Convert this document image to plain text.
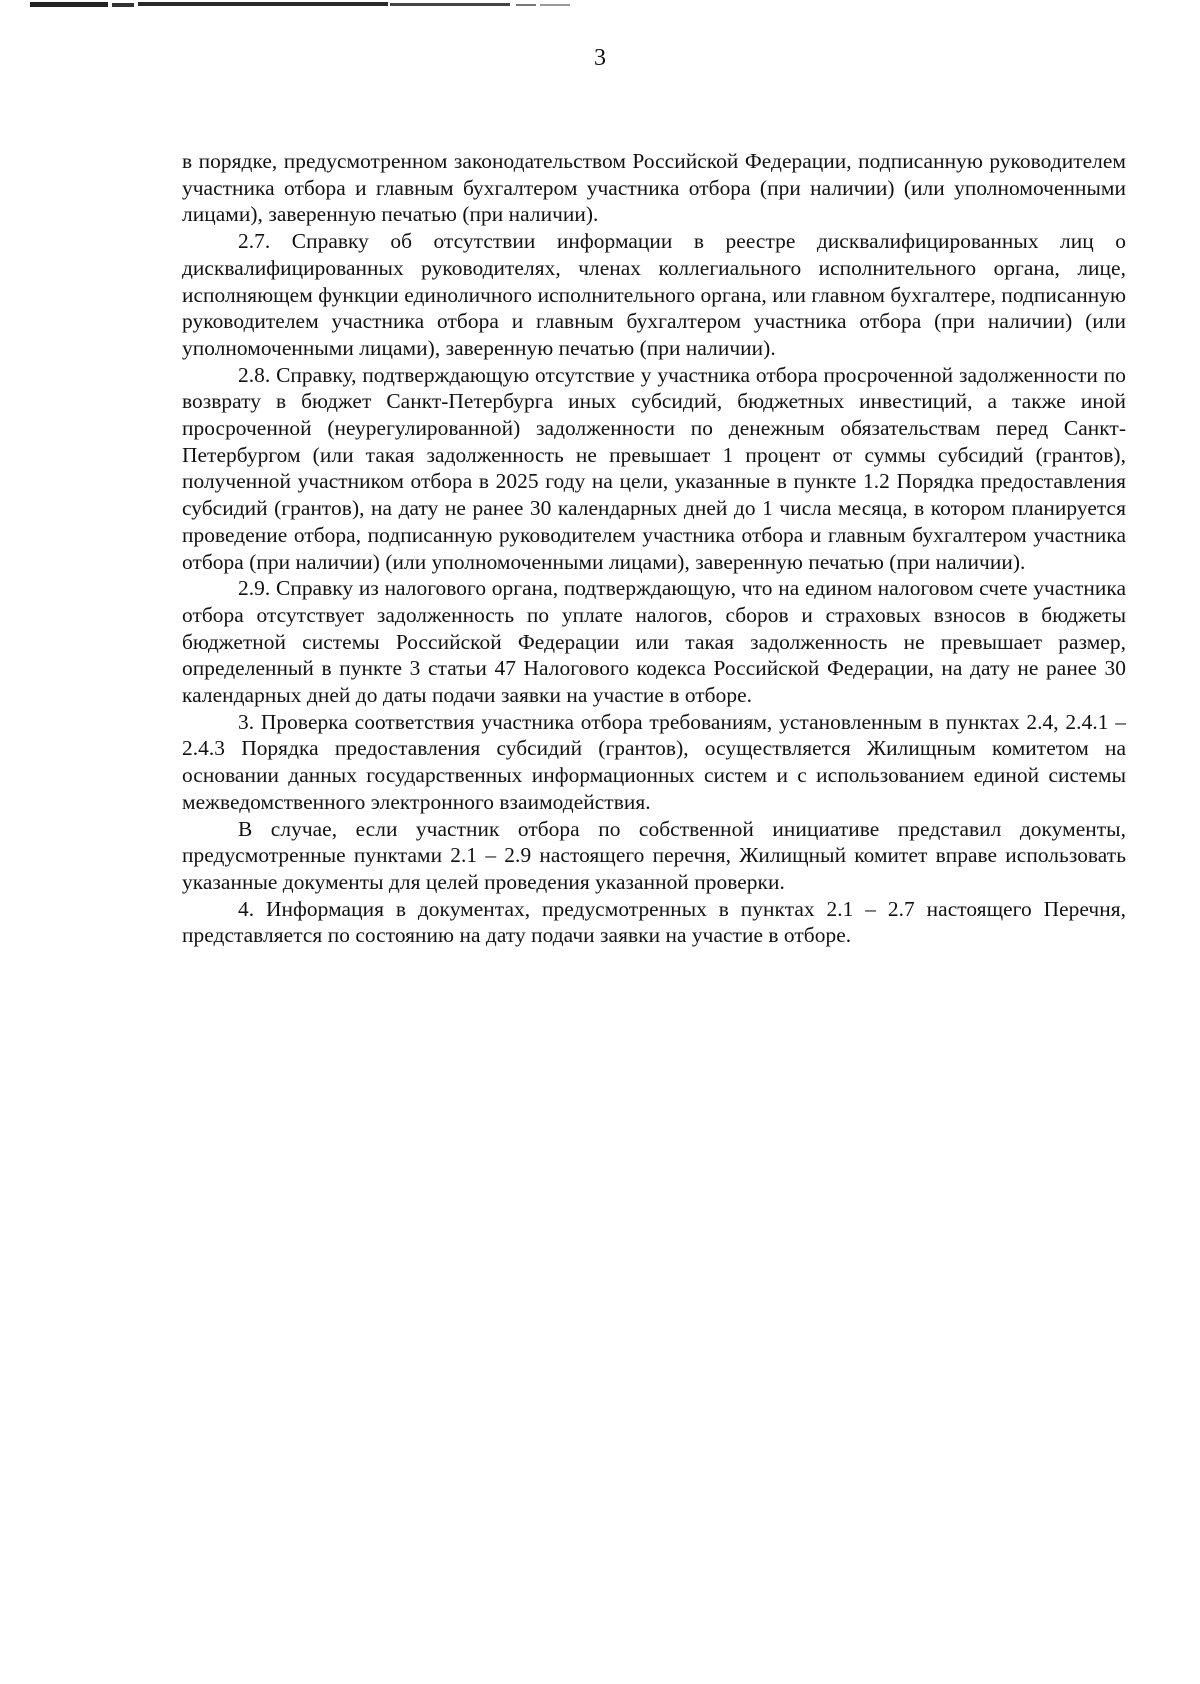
3

в порядке, предусмотренном законодательством Российской Федерации, подписанную руководителем участника отбора и главным бухгалтером участника отбора (при наличии) (или уполномоченными лицами), заверенную печатью (при наличии).

2.7. Справку об отсутствии информации в реестре дисквалифицированных лиц о дисквалифицированных руководителях, членах коллегиального исполнительного органа, лице, исполняющем функции единоличного исполнительного органа, или главном бухгалтере, подписанную руководителем участника отбора и главным бухгалтером участника отбора (при наличии) (или уполномоченными лицами), заверенную печатью (при наличии).

2.8. Справку, подтверждающую отсутствие у участника отбора просроченной задолженности по возврату в бюджет Санкт-Петербурга иных субсидий, бюджетных инвестиций, а также иной просроченной (неурегулированной) задолженности по денежным обязательствам перед Санкт-Петербургом (или такая задолженность не превышает 1 процент от суммы субсидий (грантов), полученной участником отбора в 2025 году на цели, указанные в пункте 1.2 Порядка предоставления субсидий (грантов), на дату не ранее 30 календарных дней до 1 числа месяца, в котором планируется проведение отбора, подписанную руководителем участника отбора и главным бухгалтером участника отбора (при наличии) (или уполномоченными лицами), заверенную печатью (при наличии).

2.9. Справку из налогового органа, подтверждающую, что на едином налоговом счете участника отбора отсутствует задолженность по уплате налогов, сборов и страховых взносов в бюджеты бюджетной системы Российской Федерации или такая задолженность не превышает размер, определенный в пункте 3 статьи 47 Налогового кодекса Российской Федерации, на дату не ранее 30 календарных дней до даты подачи заявки на участие в отборе.

3. Проверка соответствия участника отбора требованиям, установленным в пунктах 2.4, 2.4.1 – 2.4.3 Порядка предоставления субсидий (грантов), осуществляется Жилищным комитетом на основании данных государственных информационных систем и с использованием единой системы межведомственного электронного взаимодействия.

В случае, если участник отбора по собственной инициативе представил документы, предусмотренные пунктами 2.1 – 2.9 настоящего перечня, Жилищный комитет вправе использовать указанные документы для целей проведения указанной проверки.

4. Информация в документах, предусмотренных в пунктах 2.1 – 2.7 настоящего Перечня, представляется по состоянию на дату подачи заявки на участие в отборе.
